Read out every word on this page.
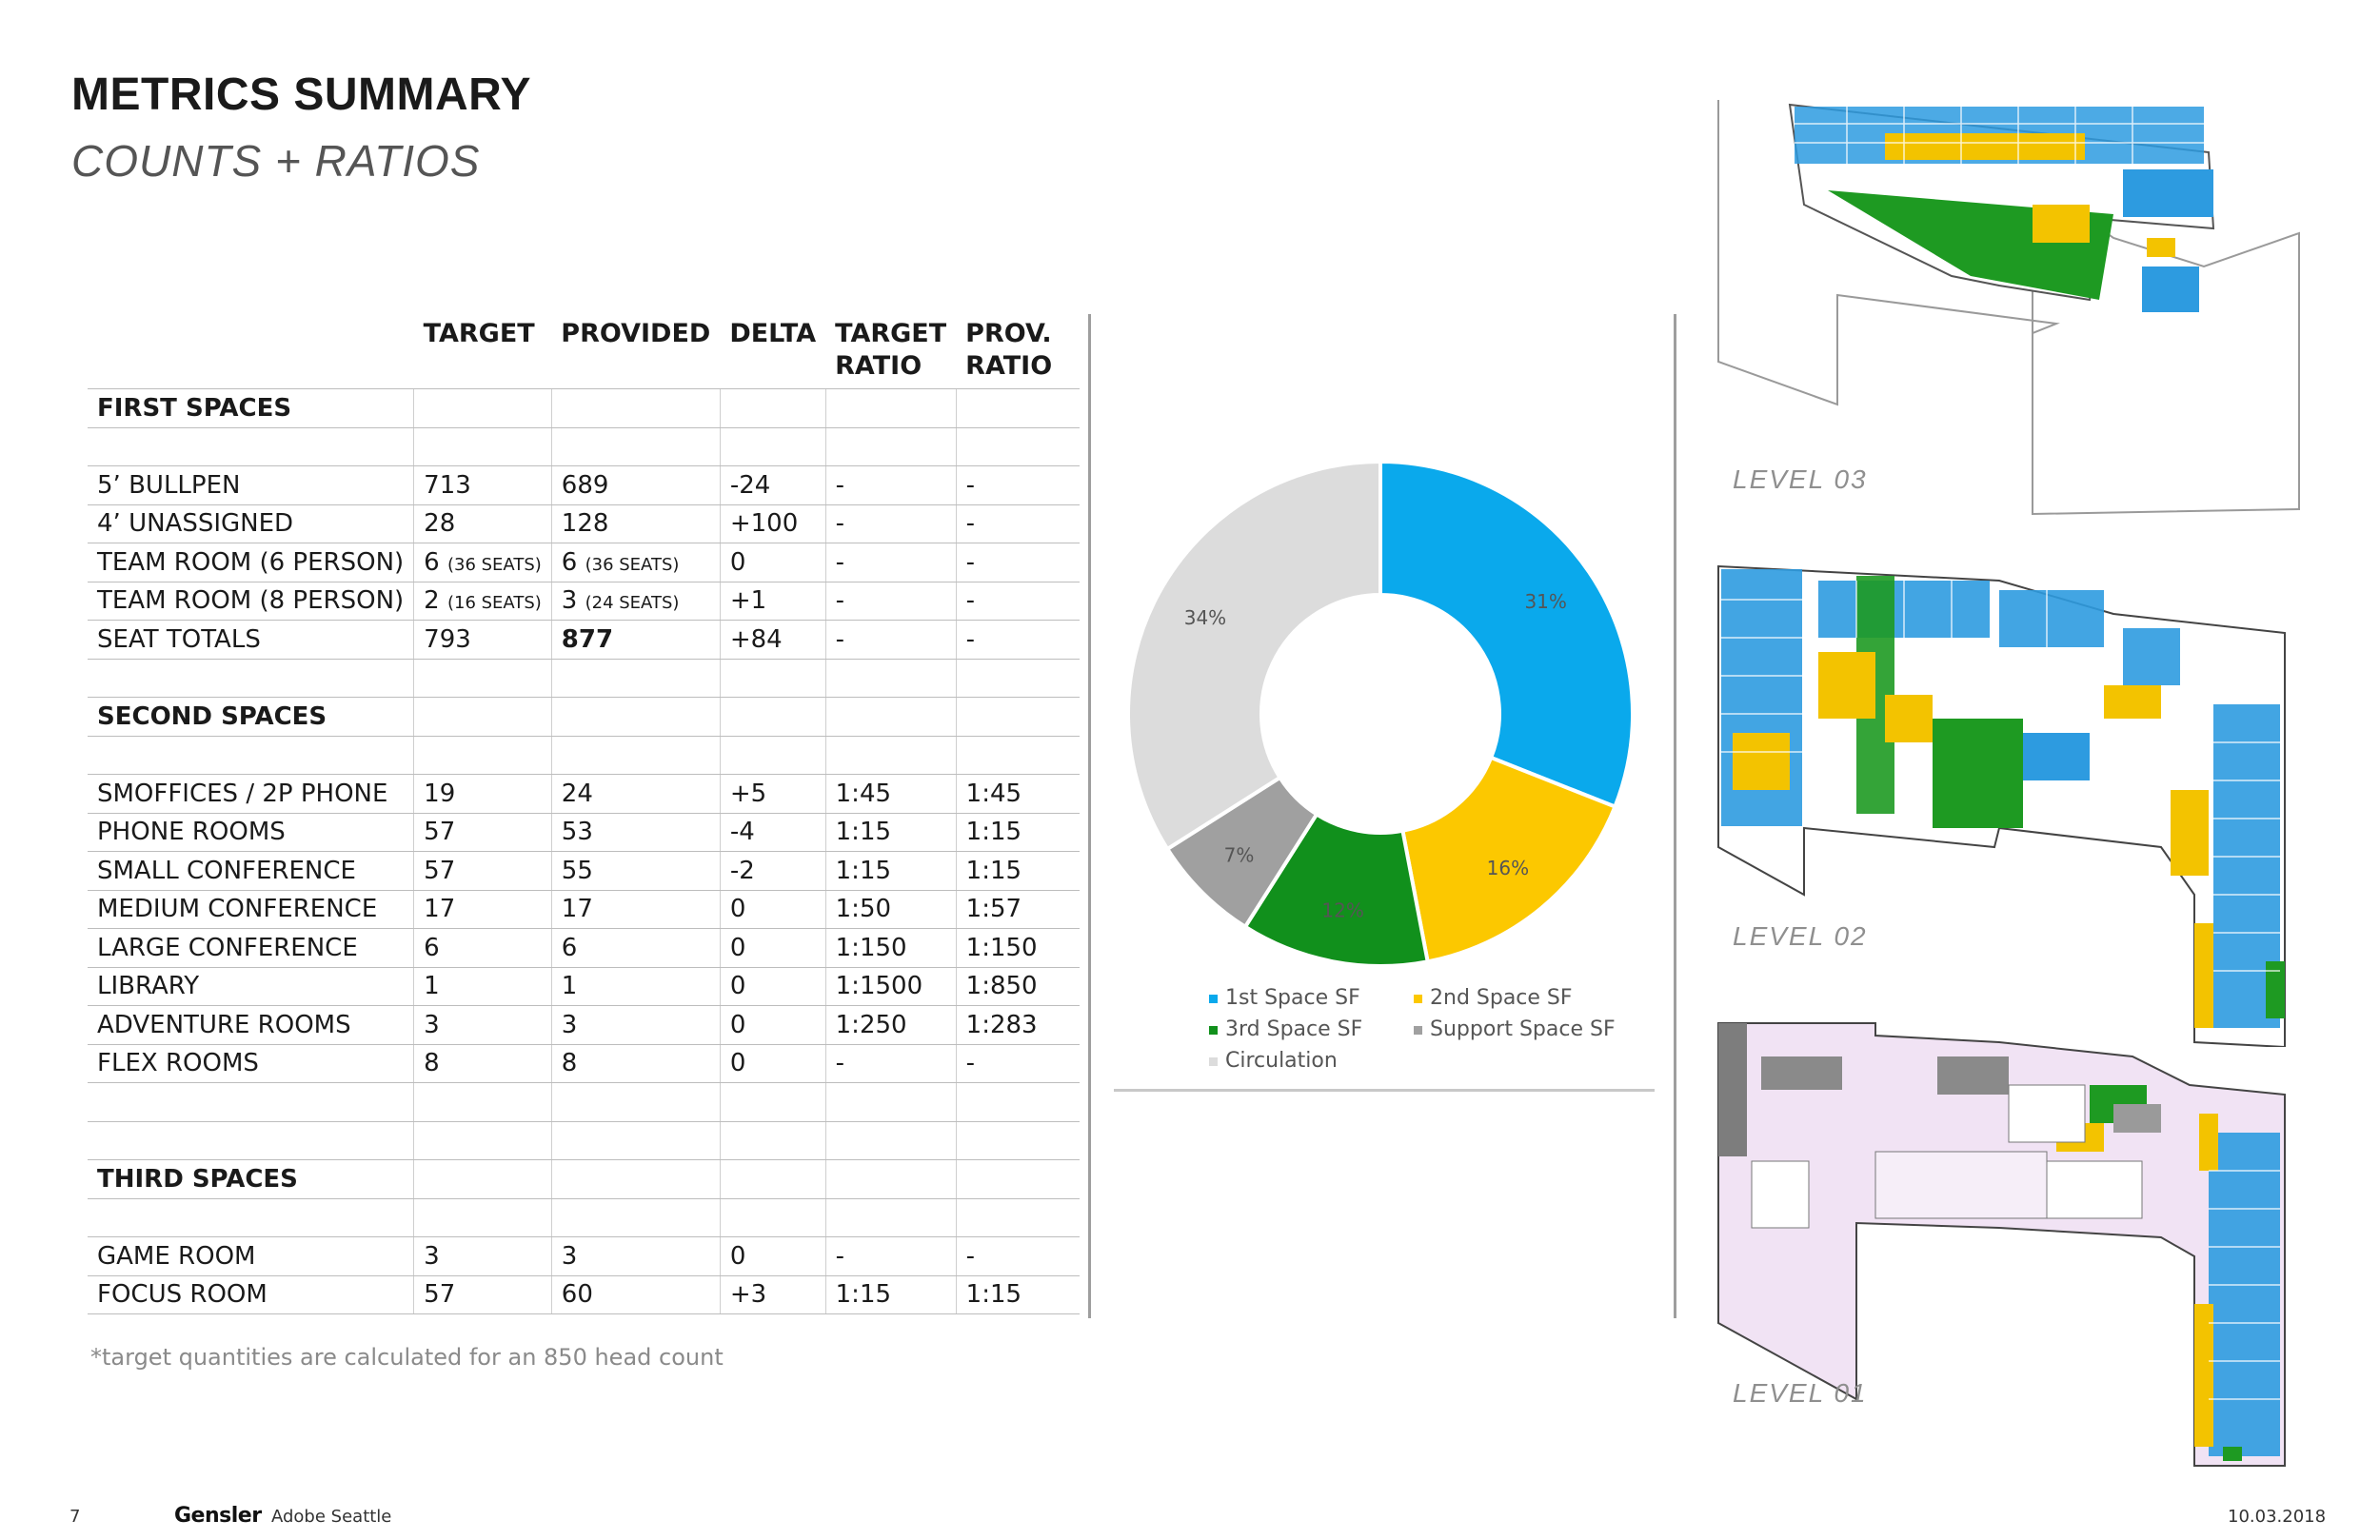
METRICS SUMMARY
COUNTS + RATIOS
	TARGET	PROVIDED	DELTA	TARGET RATIO	PROV. RATIO
FIRST SPACES					

5’ BULLPEN	713	689	-24	-	-
4’ UNASSIGNED	28	128	+100	-	-
TEAM ROOM (6 PERSON)	6 (36 SEATS)	6 (36 SEATS)	0	-	-
TEAM ROOM (8 PERSON)	2 (16 SEATS)	3 (24 SEATS)	+1	-	-
SEAT TOTALS	793	877	+84	-	-

SECOND SPACES					

SMOFFICES / 2P PHONE	19	24	+5	1:45	1:45
PHONE ROOMS	57	53	-4	1:15	1:15
SMALL CONFERENCE	57	55	-2	1:15	1:15
MEDIUM CONFERENCE	17	17	0	1:50	1:57
LARGE CONFERENCE	6	6	0	1:150	1:150
LIBRARY	1	1	0	1:1500	1:850
ADVENTURE ROOMS	3	3	0	1:250	1:283
FLEX ROOMS	8	8	0	-	-

THIRD SPACES					

GAME ROOM	3	3	0	-	-
FOCUS ROOM	57	60	+3	1:15	1:15
*target quantities are calculated for an 850 head count
31%
16%
12%
7%
34%
1st Space SF	2nd Space SF
3rd Space SF	Support Space SF
Circulation
LEVEL 03
LEVEL 02
LEVEL 01
7	Gensler Adobe Seattle	10.03.2018
